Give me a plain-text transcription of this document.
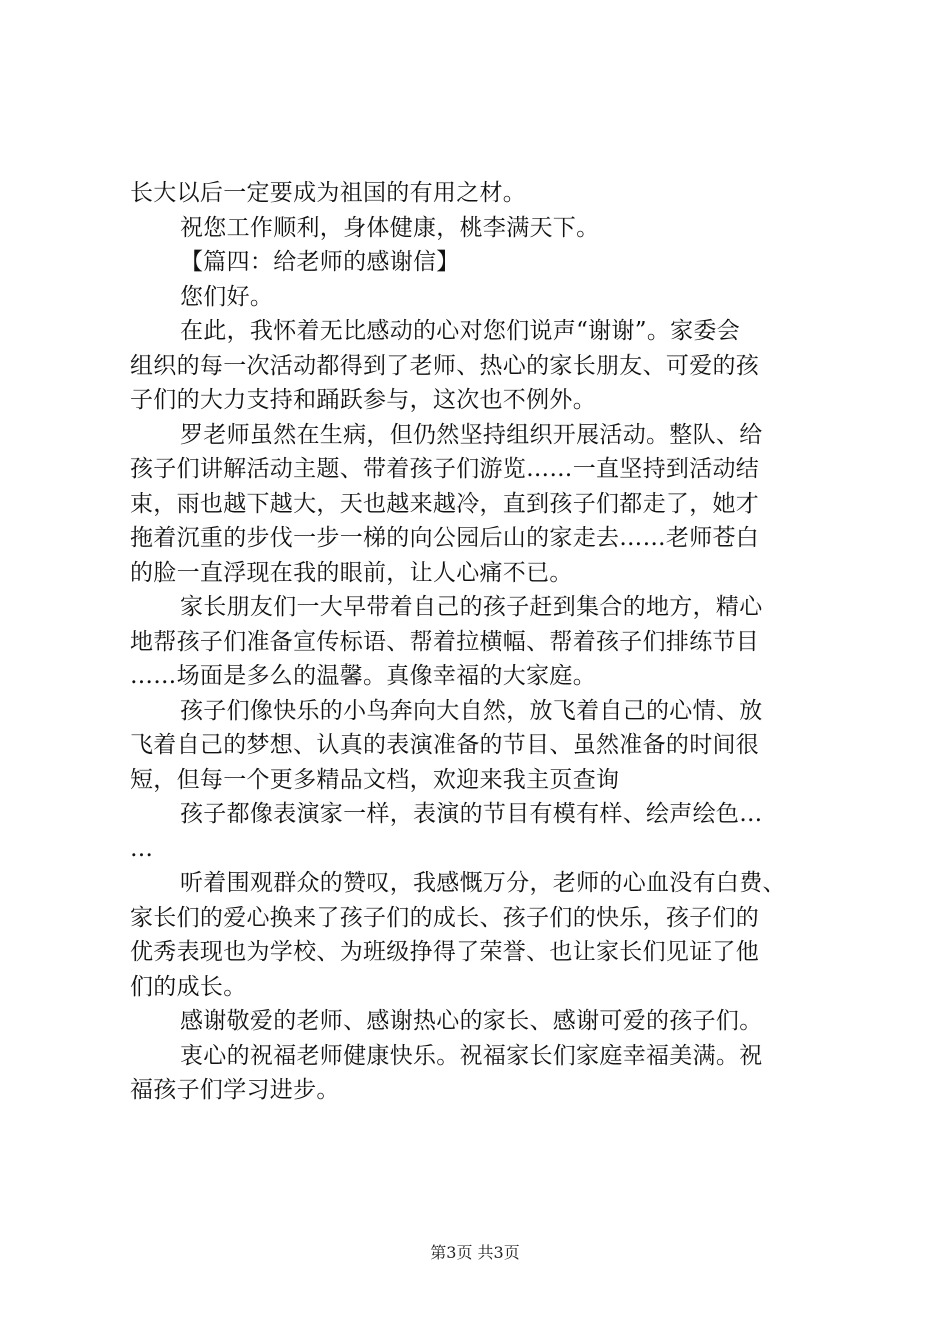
长大以后一定要成为祖国的有用之材。
祝您工作顺利，身体健康，桃李满天下。
【篇四：给老师的感谢信】
您们好。
在此，我怀着无比感动的心对您们说声“谢谢”。家委会
组织的每一次活动都得到了老师、热心的家长朋友、可爱的孩
子们的大力支持和踊跃参与，这次也不例外。
罗老师虽然在生病，但仍然坚持组织开展活动。整队、给
孩子们讲解活动主题、带着孩子们游览……一直坚持到活动结
束，雨也越下越大，天也越来越冷，直到孩子们都走了，她才
拖着沉重的步伐一步一梯的向公园后山的家走去……老师苍白
的脸一直浮现在我的眼前，让人心痛不已。
家长朋友们一大早带着自己的孩子赶到集合的地方，精心
地帮孩子们准备宣传标语、帮着拉横幅、帮着孩子们排练节目
……场面是多么的温馨。真像幸福的大家庭。
孩子们像快乐的小鸟奔向大自然，放飞着自己的心情、放
飞着自己的梦想、认真的表演准备的节目、虽然准备的时间很
短，但每一个更多精品文档，欢迎来我主页查询
孩子都像表演家一样，表演的节目有模有样、绘声绘色…
…
听着围观群众的赞叹，我感慨万分，老师的心血没有白费、
家长们的爱心换来了孩子们的成长、孩子们的快乐，孩子们的
优秀表现也为学校、为班级挣得了荣誉、也让家长们见证了他
们的成长。
感谢敬爱的老师、感谢热心的家长、感谢可爱的孩子们。
衷心的祝福老师健康快乐。祝福家长们家庭幸福美满。祝
福孩子们学习进步。
第3页 共3页
